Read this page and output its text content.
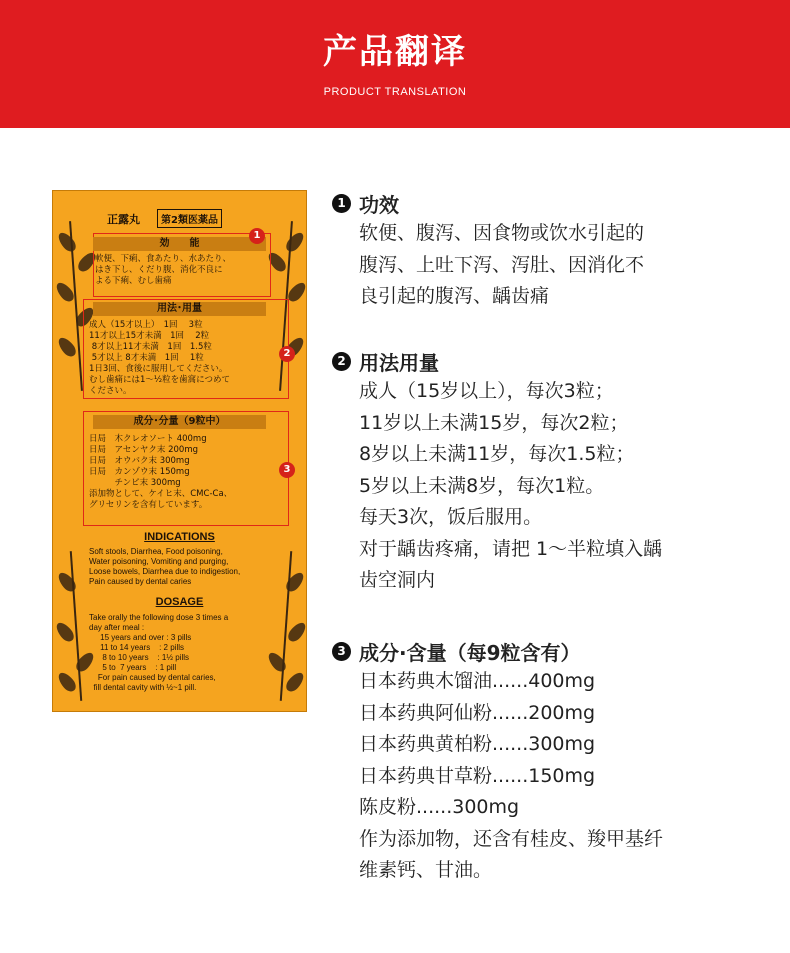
产品翻译
PRODUCT TRANSLATION
正露丸	第2類医薬品
効　　能
軟便、下痢、食あたり、水あたり、
はき下し、くだり腹、消化不良に
よる下痢、むし歯痛
1
用法･用量
成人（15才以上）　1回　 3粒
11才以上15才未満　1回　 2粒
8才以上11才未満　1回　1.5粒
5才以上 8才未満　1回　 1粒
1日3回、食後に服用してください。
むし歯痛には1～½粒を歯窩につめて
ください。
2
成分･分量（9粒中）
日局　木クレオソート 400mg
日局　アセンヤク末 200mg
日局　オウバク末 300mg
日局　カンゾウ末 150mg
　　　チンピ末 300mg
添加物として、ケイヒ末、CMC-Ca、
グリセリンを含有しています。
3
INDICATIONS
Soft stools, Diarrhea, Food poisoning,
Water poisoning, Vomiting and purging,
Loose bowels, Diarrhea due to indigestion,
Pain caused by dental caries
DOSAGE
Take orally the following dose 3 times a
day after meal :
15 years and over : 3 pills
11 to 14 years    : 2 pills
8 to 10 years    : 1½ pills
5 to  7 years    : 1 pill
For pain caused by dental caries,
fill dental cavity with ½~1 pill.
1 功效
软便、腹泻、因食物或饮水引起的
腹泻、上吐下泻、泻肚、因消化不
良引起的腹泻、龋齿痛
2 用法用量
成人（15岁以上），每次3粒；
11岁以上未满15岁，每次2粒；
8岁以上未满11岁，每次1.5粒；
5岁以上未满8岁，每次1粒。
每天3次，饭后服用。
对于龋齿疼痛，请把 1～半粒填入龋
齿空洞内
3 成分·含量（每9粒含有）
日本药典木馏油......400mg
日本药典阿仙粉......200mg
日本药典黄柏粉......300mg
日本药典甘草粉......150mg
陈皮粉......300mg
作为添加物，还含有桂皮、羧甲基纤
维素钙、甘油。
